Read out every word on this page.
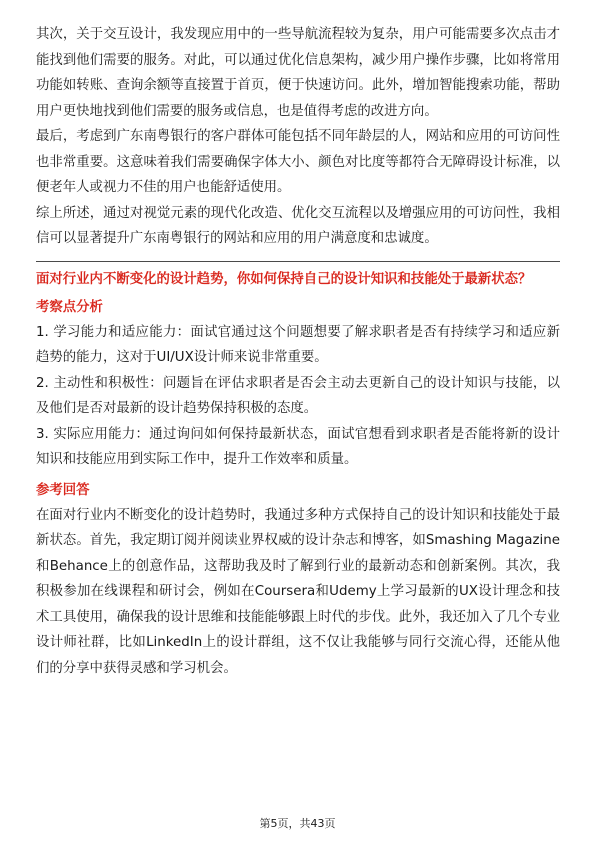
其次，关于交互设计，我发现应用中的一些导航流程较为复杂，用户可能需要多次点击才能找到他们需要的服务。对此，可以通过优化信息架构，减少用户操作步骤，比如将常用功能如转账、查询余额等直接置于首页，便于快速访问。此外，增加智能搜索功能，帮助用户更快地找到他们需要的服务或信息，也是值得考虑的改进方向。

最后，考虑到广东南粤银行的客户群体可能包括不同年龄层的人，网站和应用的可访问性也非常重要。这意味着我们需要确保字体大小、颜色对比度等都符合无障碍设计标准，以便老年人或视力不佳的用户也能舒适使用。

综上所述，通过对视觉元素的现代化改造、优化交互流程以及增强应用的可访问性，我相信可以显著提升广东南粤银行的网站和应用的用户满意度和忠诚度。

面对行业内不断变化的设计趋势，你如何保持自己的设计知识和技能处于最新状态？

考察点分析
1. 学习能力和适应能力：面试官通过这个问题想要了解求职者是否有持续学习和适应新趋势的能力，这对于UI/UX设计师来说非常重要。
2. 主动性和积极性：问题旨在评估求职者是否会主动去更新自己的设计知识与技能，以及他们是否对最新的设计趋势保持积极的态度。
3. 实际应用能力：通过询问如何保持最新状态，面试官想看到求职者是否能将新的设计知识和技能应用到实际工作中，提升工作效率和质量。
参考回答

在面对行业内不断变化的设计趋势时，我通过多种方式保持自己的设计知识和技能处于最新状态。首先，我定期订阅并阅读业界权威的设计杂志和博客，如Smashing Magazine和Behance上的创意作品，这帮助我及时了解到行业的最新动态和创新案例。其次，我积极参加在线课程和研讨会，例如在Coursera和Udemy上学习最新的UX设计理念和技术工具使用，确保我的设计思维和技能能够跟上时代的步伐。此外，我还加入了几个专业设计师社群，比如LinkedIn上的设计群组，这不仅让我能够与同行交流心得，还能从他们的分享中获得灵感和学习机会。

第5页，共43页
